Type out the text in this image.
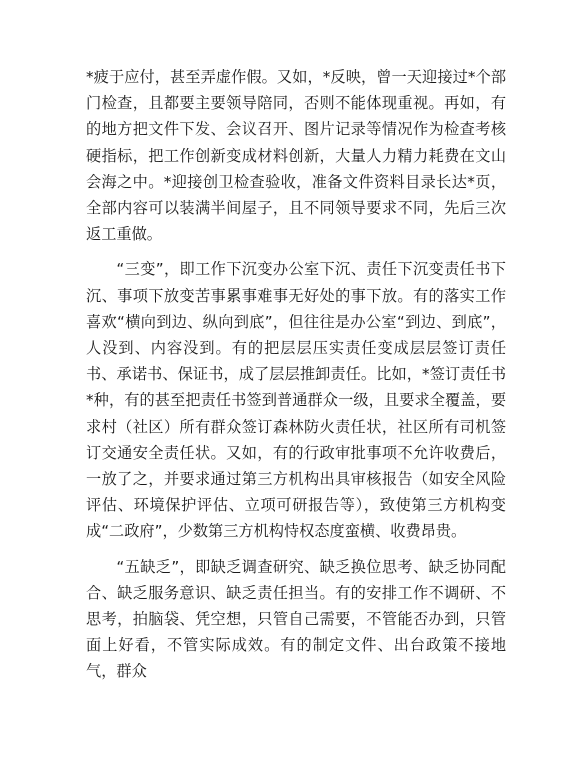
*疲于应付，甚至弄虚作假。又如，*反映，曾一天迎接过*个部门检查，且都要主要领导陪同，否则不能体现重视。再如，有的地方把文件下发、会议召开、图片记录等情况作为检查考核硬指标，把工作创新变成材料创新，大量人力精力耗费在文山会海之中。*迎接创卫检查验收，准备文件资料目录长达*页，全部内容可以装满半间屋子，且不同领导要求不同，先后三次返工重做。

“三变”，即工作下沉变办公室下沉、责任下沉变责任书下沉、事项下放变苦事累事难事无好处的事下放。有的落实工作喜欢“横向到边、纵向到底”，但往往是办公室“到边、到底”，人没到、内容没到。有的把层层压实责任变成层层签订责任书、承诺书、保证书，成了层层推卸责任。比如，*签订责任书*种，有的甚至把责任书签到普通群众一级，且要求全覆盖，要求村（社区）所有群众签订森林防火责任状，社区所有司机签订交通安全责任状。又如，有的行政审批事项不允许收费后，一放了之，并要求通过第三方机构出具审核报告（如安全风险评估、环境保护评估、立项可研报告等），致使第三方机构变成“二政府”，少数第三方机构恃权态度蛮横、收费昂贵。

“五缺乏”，即缺乏调查研究、缺乏换位思考、缺乏协同配合、缺乏服务意识、缺乏责任担当。有的安排工作不调研、不思考，拍脑袋、凭空想，只管自己需要，不管能否办到，只管面上好看，不管实际成效。有的制定文件、出台政策不接地气，群众
